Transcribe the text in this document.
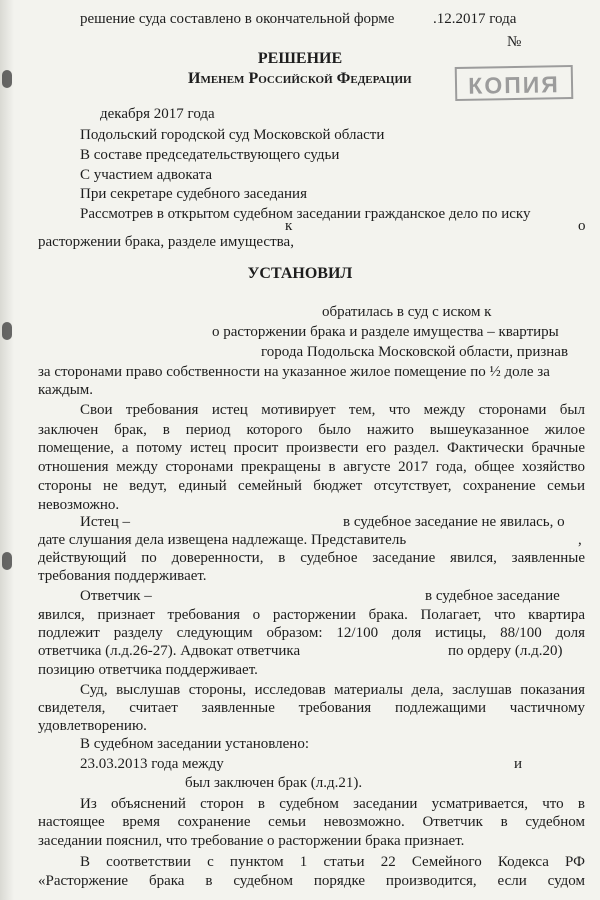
решение суда составлено в окончательной форме	.12.2017 года
№
РЕШЕНИЕ
Именем Российской Федерации	КОПИЯ
декабря 2017 года
Подольский городской суд Московской области
В составе председательствующего судьи
С участием адвоката
При секретаре судебного заседания
Рассмотрев в открытом судебном заседании гражданское дело по иску
к	о
расторжении брака, разделе имущества,
УСТАНОВИЛ
обратилась в суд с иском к
о расторжении брака и разделе имущества – квартиры
города Подольска Московской области, признав
за сторонами право собственности на указанное жилое помещение по ½ доле за
каждым.
Свои требования истец мотивирует тем, что между сторонами был
заключен брак, в период которого было нажито вышеуказанное жилое
помещение, а потому истец просит произвести его раздел. Фактически брачные
отношения между сторонами прекращены в августе 2017 года, общее хозяйство
стороны не ведут, единый семейный бюджет отсутствует, сохранение семьи
невозможно.
Истец –	в судебное заседание не явилась, о
дате слушания дела извещена надлежаще. Представитель	,
действующий по доверенности, в судебное заседание явился, заявленные
требования поддерживает.
Ответчик –	в судебное заседание
явился, признает требования о расторжении брака. Полагает, что квартира
подлежит разделу следующим образом: 12/100 доля истицы, 88/100 доля
ответчика (л.д.26-27). Адвокат ответчика	по ордеру (л.д.20)
позицию ответчика поддерживает.
Суд, выслушав стороны, исследовав материалы дела, заслушав показания
свидетеля, считает заявленные требования подлежащими частичному
удовлетворению.
В судебном заседании установлено:
23.03.2013 года между	и
был заключен брак (л.д.21).
Из объяснений сторон в судебном заседании усматривается, что в
настоящее время сохранение семьи невозможно. Ответчик в судебном
заседании пояснил, что требование о расторжении брака признает.
В соответствии с пунктом 1 статьи 22 Семейного Кодекса РФ
«Расторжение брака в судебном порядке производится, если судом
